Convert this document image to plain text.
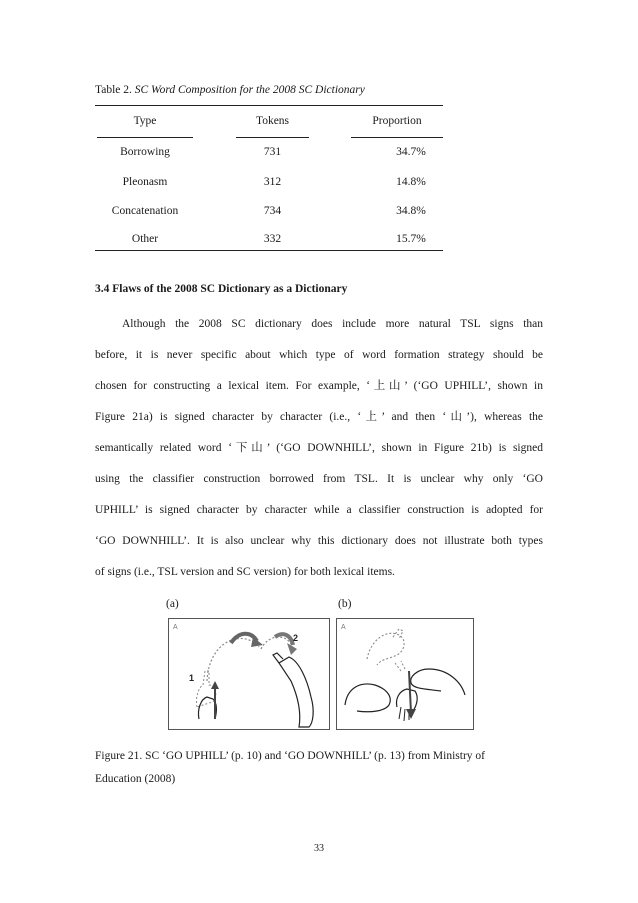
Table 2. SC Word Composition for the 2008 SC Dictionary
Type	Tokens	Proportion
Borrowing	731	34.7%
Pleonasm	312	14.8%
Concatenation	734	34.8%
Other	332	15.7%
3.4 Flaws of the 2008 SC Dictionary as a Dictionary
Although the 2008 SC dictionary does include more natural TSL signs than
before, it is never specific about which type of word formation strategy should be
chosen for constructing a lexical item. For example, ‘上山’ (‘GO UPHILL’, shown in
Figure 21a) is signed character by character (i.e., ‘上’ and then ‘山’), whereas the
semantically related word ‘下山’ (‘GO DOWNHILL’, shown in Figure 21b) is signed
using the classifier construction borrowed from TSL. It is unclear why only ‘GO
UPHILL’ is signed character by character while a classifier construction is adopted for
‘GO DOWNHILL’. It is also unclear why this dictionary does not illustrate both types
of signs (i.e., TSL version and SC version) for both lexical items.
(a)	(b)
A
1
2
A
Figure 21. SC ‘GO UPHILL’ (p. 10) and ‘GO DOWNHILL’ (p. 13) from Ministry of
Education (2008)
33
